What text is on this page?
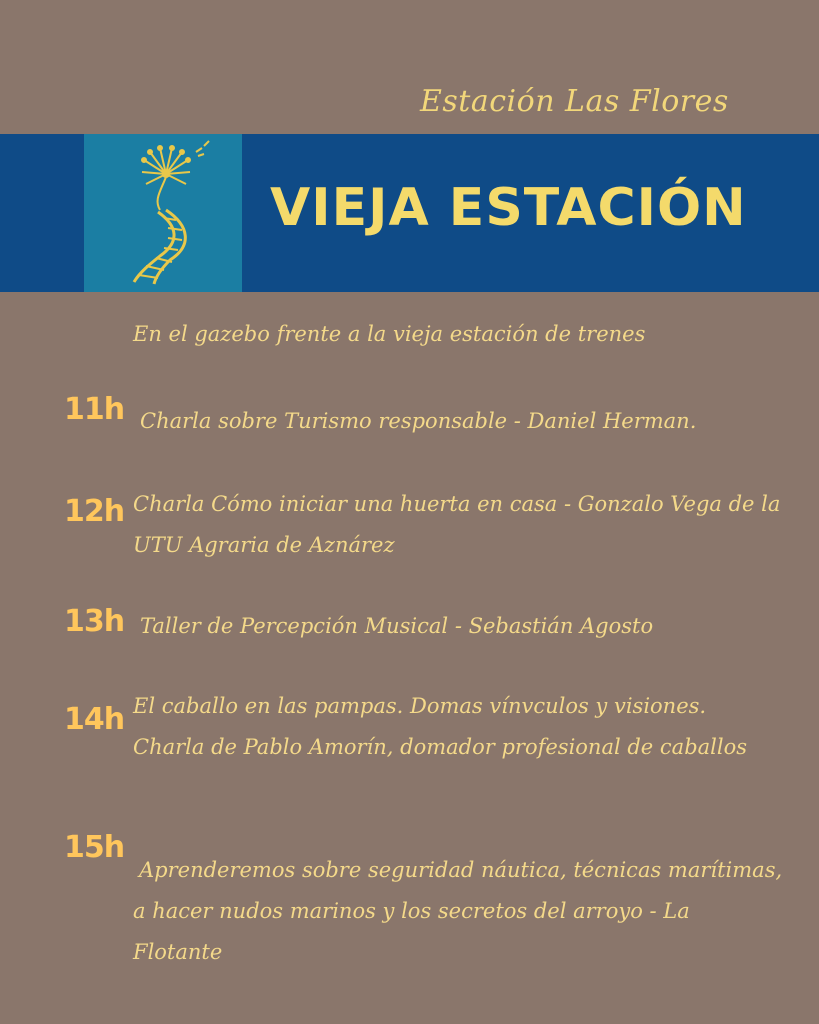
Estación Las Flores
VIEJA ESTACIÓN
En el gazebo frente a la vieja estación de trenes
11h Charla sobre Turismo responsable - Daniel Herman.
12h Charla Cómo iniciar una huerta en casa - Gonzalo Vega de la UTU Agraria de Aznárez
13h Taller de Percepción Musical - Sebastián Agosto
14h El caballo en las pampas. Domas vínvculos y visiones. Charla de Pablo Amorín, domador profesional de caballos
15h
Aprenderemos sobre seguridad náutica, técnicas marítimas, a hacer nudos marinos y los secretos del arroyo - La Flotante
